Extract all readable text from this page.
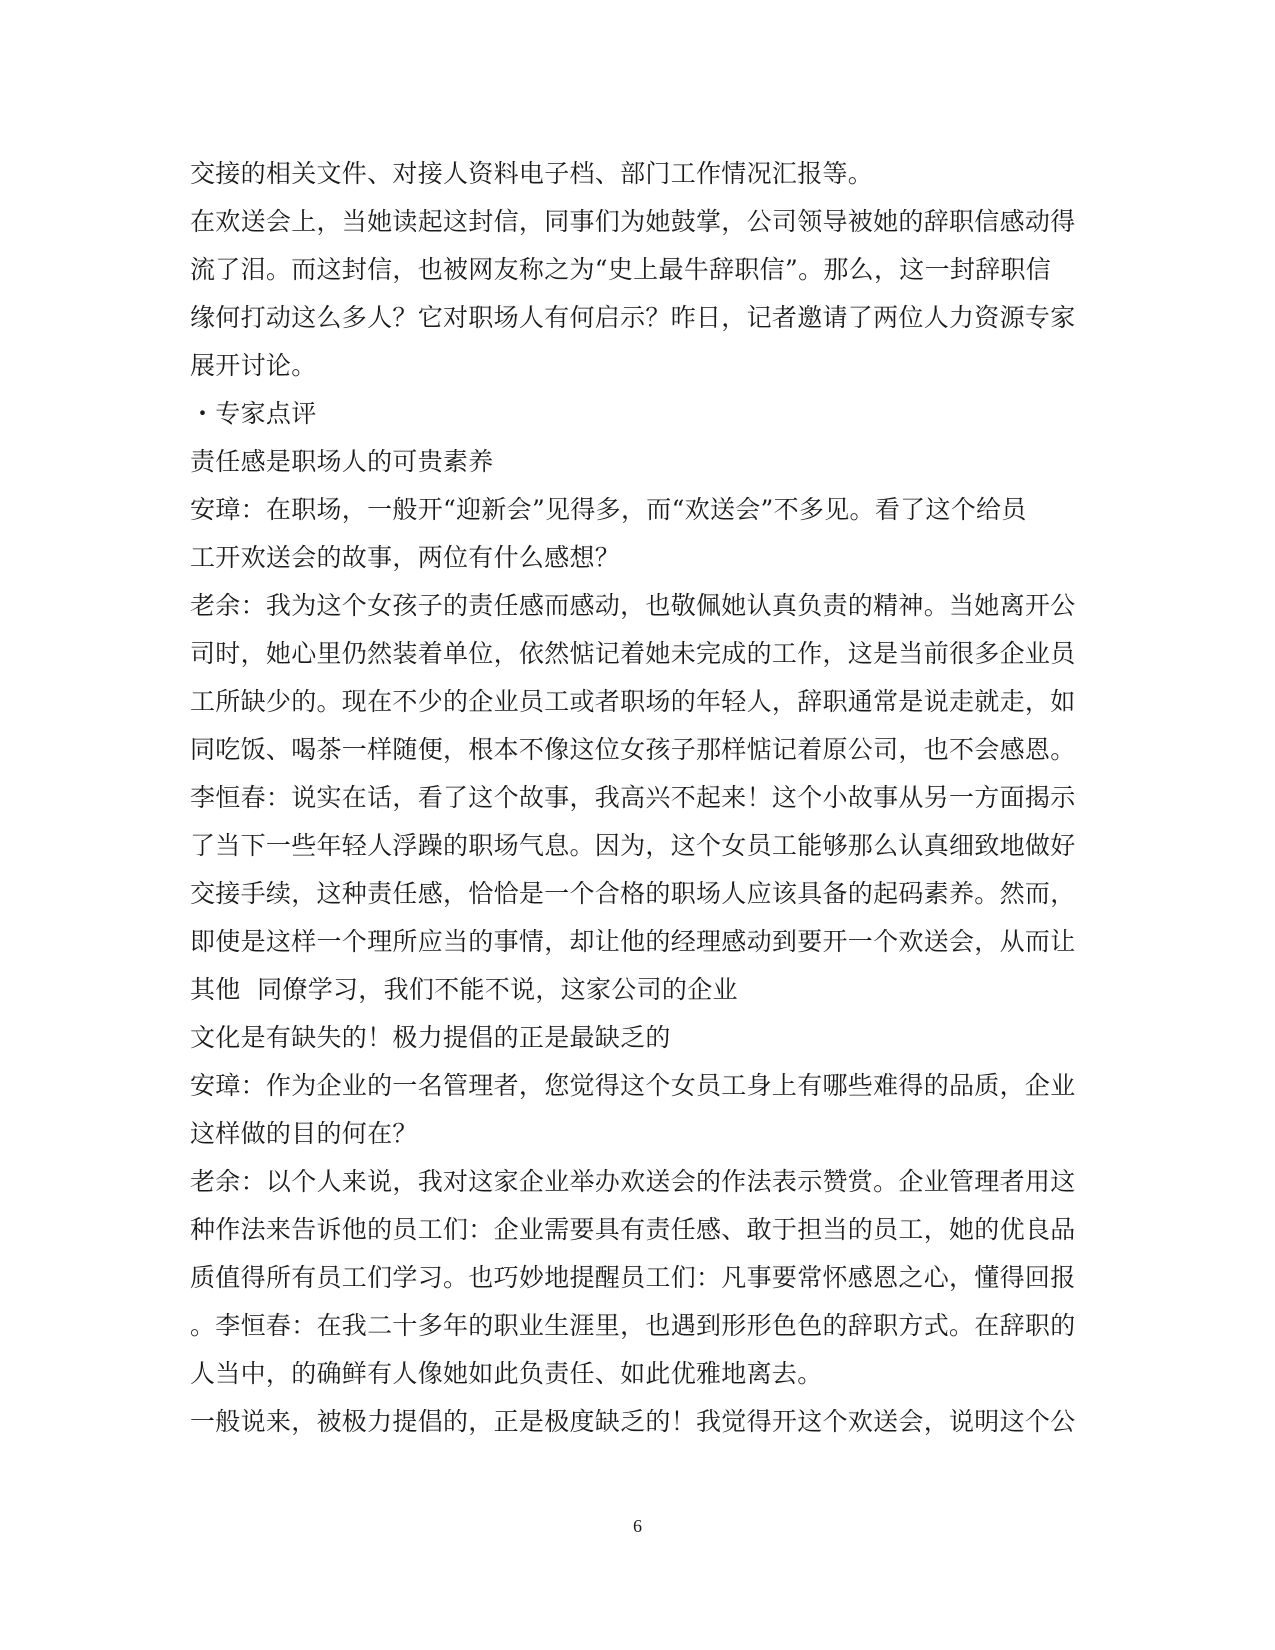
交接的相关文件、对接人资料电子档、部门工作情况汇报等。
在欢送会上，当她读起这封信，同事们为她鼓掌，公司领导被她的辞职信感动得
流了泪。而这封信，也被网友称之为“史上最牛辞职信”。那么，这一封辞职信
缘何打动这么多人？它对职场人有何启示？昨日，记者邀请了两位人力资源专家
展开讨论。
・专家点评
责任感是职场人的可贵素养
安璋：在职场，一般开“迎新会”见得多，而“欢送会”不多见。看了这个给员
工开欢送会的故事，两位有什么感想？
老余：我为这个女孩子的责任感而感动，也敬佩她认真负责的精神。当她离开公
司时，她心里仍然装着单位，依然惦记着她未完成的工作，这是当前很多企业员
工所缺少的。现在不少的企业员工或者职场的年轻人，辞职通常是说走就走，如
同吃饭、喝茶一样随便，根本不像这位女孩子那样惦记着原公司，也不会感恩。
李恒春：说实在话，看了这个故事，我高兴不起来！这个小故事从另一方面揭示
了当下一些年轻人浮躁的职场气息。因为，这个女员工能够那么认真细致地做好
交接手续，这种责任感，恰恰是一个合格的职场人应该具备的起码素养。然而，
即使是这样一个理所应当的事情，却让他的经理感动到要开一个欢送会，从而让
其他  同僚学习，我们不能不说，这家公司的企业
文化是有缺失的！极力提倡的正是最缺乏的
安璋：作为企业的一名管理者，您觉得这个女员工身上有哪些难得的品质，企业
这样做的目的何在？
老余：以个人来说，我对这家企业举办欢送会的作法表示赞赏。企业管理者用这
种作法来告诉他的员工们：企业需要具有责任感、敢于担当的员工，她的优良品
质值得所有员工们学习。也巧妙地提醒员工们：凡事要常怀感恩之心，懂得回报
。李恒春：在我二十多年的职业生涯里，也遇到形形色色的辞职方式。在辞职的
人当中，的确鲜有人像她如此负责任、如此优雅地离去。
一般说来，被极力提倡的，正是极度缺乏的！我觉得开这个欢送会，说明这个公
6
